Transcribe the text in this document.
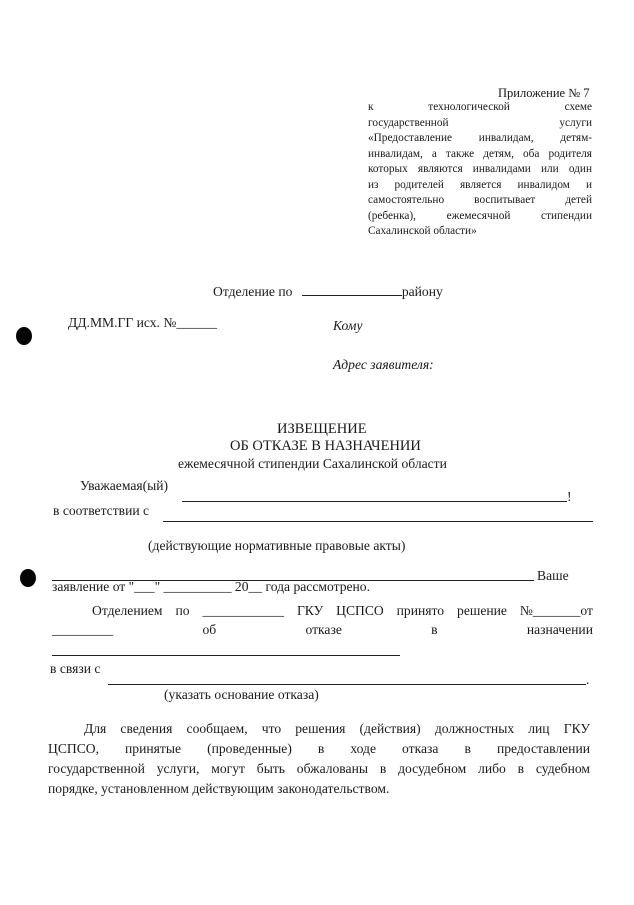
Приложение № 7
к технологической схеме
государственной услуги
«Предоставление инвалидам, детям-
инвалидам, а также детям, оба родителя
которых являются инвалидами или один
из родителей является инвалидом и
самостоятельно воспитывает детей
(ребенка), ежемесячной стипендии
Сахалинской области»
Отделение по	району
ДД.ММ.ГГ исх. №______	Кому
Адрес заявителя:
ИЗВЕЩЕНИЕ
ОБ ОТКАЗЕ В НАЗНАЧЕНИИ
ежемесячной стипендии Сахалинской области
Уважаемая(ый)
!
в соответствии с
(действующие нормативные правовые акты)
Ваше
заявление от "___" __________ 20__ года рассмотрено.
Отделением по ____________ ГКУ ЦСПСО принято решение №_______от
_________	об	отказе	в	назначении
в связи с
.
(указать основание отказа)
Для сведения сообщаем, что решения (действия) должностных лиц ГКУ
ЦСПСО, принятые (проведенные) в ходе отказа в предоставлении
государственной услуги, могут быть обжалованы в досудебном либо в судебном
порядке, установленном действующим законодательством.
